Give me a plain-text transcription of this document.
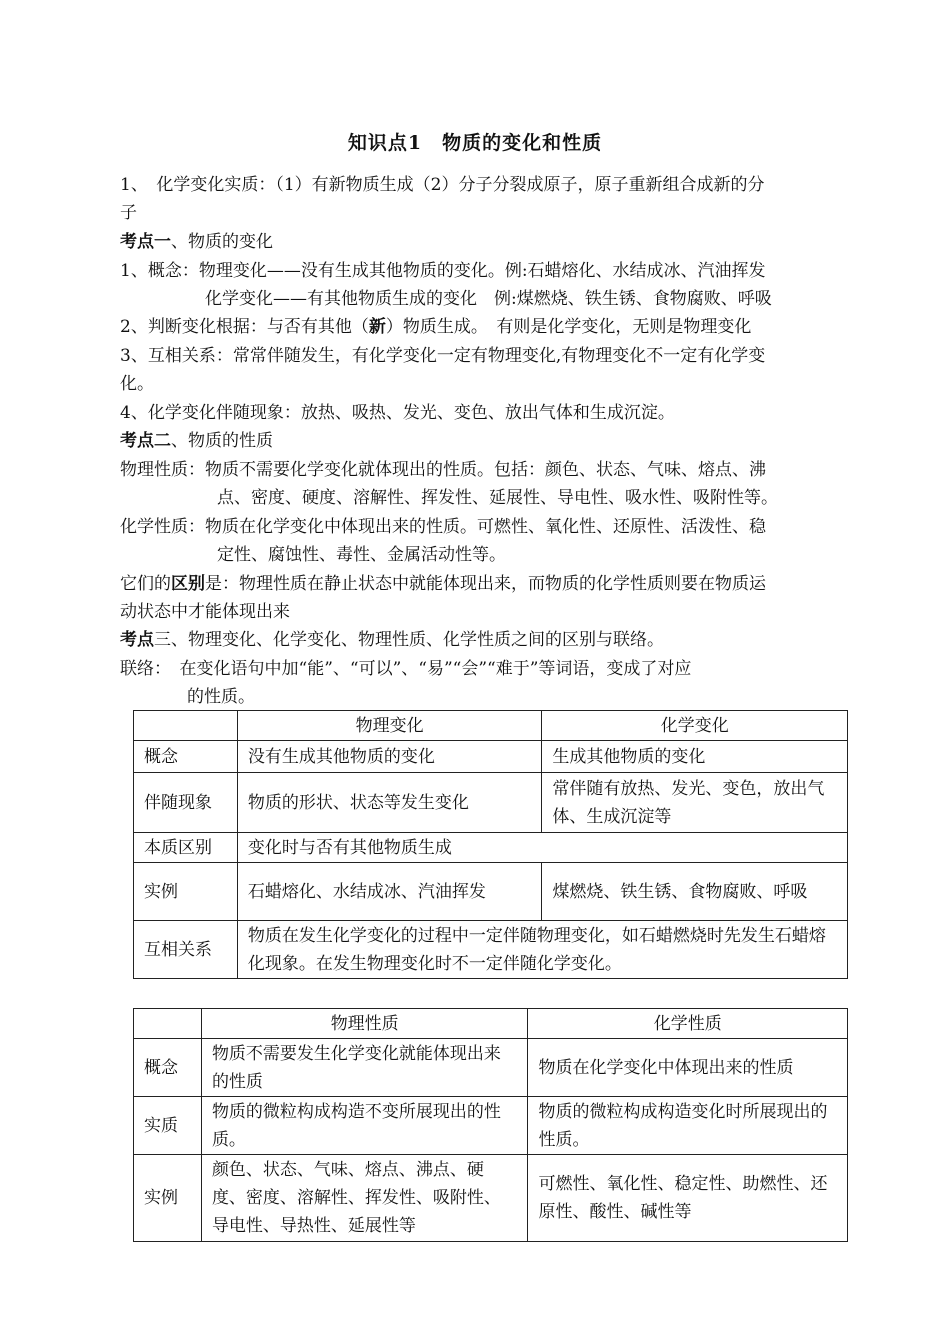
知识点1　物质的变化和性质
1、　化学变化实质：（1）有新物质生成（2）分子分裂成原子，原子重新组合成新的分
子
考点一、物质的变化
1、概念：物理变化——没有生成其他物质的变化。例:石蜡熔化、水结成冰、汽油挥发
化学变化——有其他物质生成的变化　例:煤燃烧、铁生锈、食物腐败、呼吸
2、判断变化根据：与否有其他（新）物质生成。　有则是化学变化，无则是物理变化
3、互相关系：常常伴随发生，有化学变化一定有物理变化,有物理变化不一定有化学变
化。
4、化学变化伴随现象：放热、吸热、发光、变色、放出气体和生成沉淀。
考点二、物质的性质
物理性质：物质不需要化学变化就体现出的性质。包括：颜色、状态、气味、熔点、沸
点、密度、硬度、溶解性、挥发性、延展性、导电性、吸水性、吸附性等。
化学性质：物质在化学变化中体现出来的性质。可燃性、氧化性、还原性、活泼性、稳
定性、腐蚀性、毒性、金属活动性等。
它们的区别是：物理性质在静止状态中就能体现出来，而物质的化学性质则要在物质运
动状态中才能体现出来
考点三、物理变化、化学变化、物理性质、化学性质之间的区别与联络。
联络：　在变化语句中加“能”、“可以”、“易”“会”“难于”等词语，变成了对应
的性质。
	物理变化	化学变化
概念	没有生成其他物质的变化	生成其他物质的变化
伴随现象	物质的形状、状态等发生变化	常伴随有放热、发光、变色，放出气体、生成沉淀等
本质区别	变化时与否有其他物质生成	
实例	石蜡熔化、水结成冰、汽油挥发	煤燃烧、铁生锈、食物腐败、呼吸
互相关系	物质在发生化学变化的过程中一定伴随物理变化，如石蜡燃烧时先发生石蜡熔化现象。在发生物理变化时不一定伴随化学变化。	
	物理性质	化学性质
概念	物质不需要发生化学变化就能体现出来的性质	物质在化学变化中体现出来的性质
实质	物质的微粒构成构造不变所展现出的性质。	物质的微粒构成构造变化时所展现出的性质。
实例	颜色、状态、气味、熔点、沸点、硬度、密度、溶解性、挥发性、吸附性、导电性、导热性、延展性等	可燃性、氧化性、稳定性、助燃性、还原性、酸性、碱性等
